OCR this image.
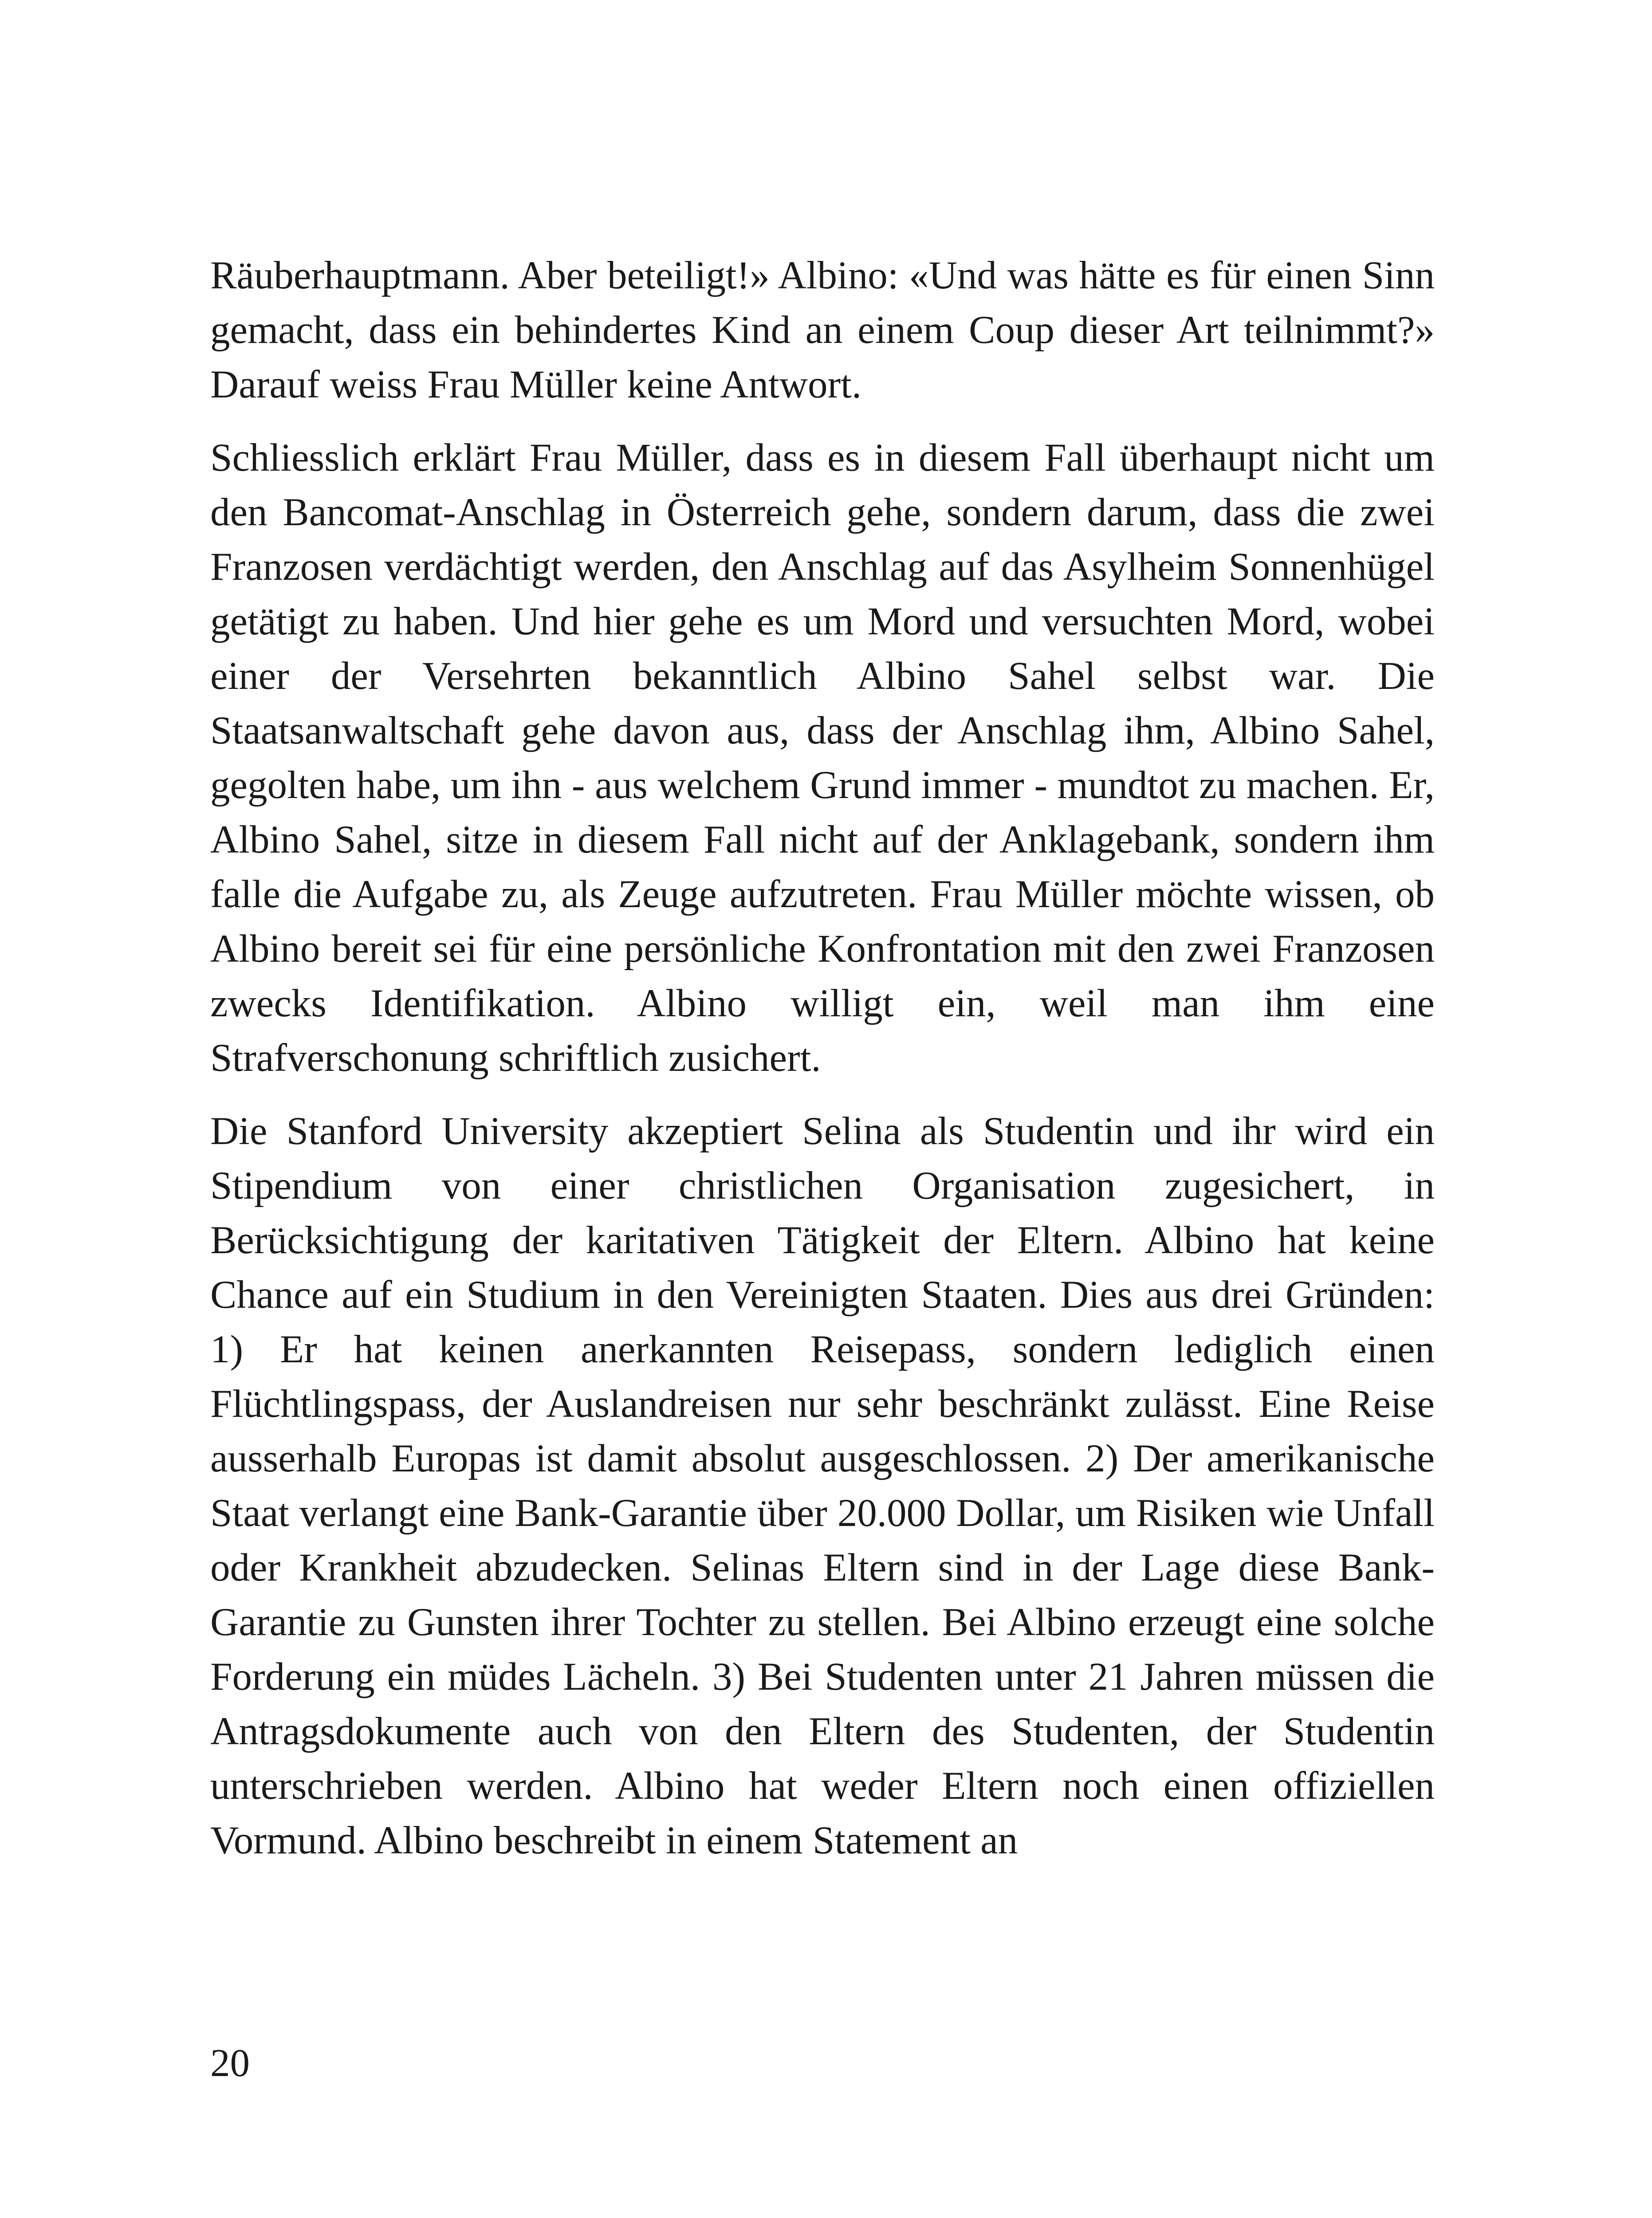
Räuberhauptmann. Aber beteiligt!» Albino: «Und was hätte es für einen Sinn gemacht, dass ein behindertes Kind an einem Coup dieser Art teilnimmt?» Darauf weiss Frau Müller keine Antwort.

Schliesslich erklärt Frau Müller, dass es in diesem Fall überhaupt nicht um den Bancomat-Anschlag in Österreich gehe, sondern darum, dass die zwei Franzosen verdächtigt werden, den Anschlag auf das Asylheim Sonnenhügel getätigt zu haben. Und hier gehe es um Mord und versuchten Mord, wobei einer der Versehrten bekanntlich Albino Sahel selbst war. Die Staatsanwaltschaft gehe davon aus, dass der Anschlag ihm, Albino Sahel, gegolten habe, um ihn - aus welchem Grund immer - mundtot zu machen. Er, Albino Sahel, sitze in diesem Fall nicht auf der Anklagebank, sondern ihm falle die Aufgabe zu, als Zeuge aufzutreten. Frau Müller möchte wissen, ob Albino bereit sei für eine persönliche Konfrontation mit den zwei Franzosen zwecks Identifikation. Albino willigt ein, weil man ihm eine Strafverschonung schriftlich zusichert.

Die Stanford University akzeptiert Selina als Studentin und ihr wird ein Stipendium von einer christlichen Organisation zugesichert, in Berücksichtigung der karitativen Tätigkeit der Eltern. Albino hat keine Chance auf ein Studium in den Vereinigten Staaten. Dies aus drei Gründen: 1) Er hat keinen anerkannten Reisepass, sondern lediglich einen Flüchtlingspass, der Auslandreisen nur sehr beschränkt zulässt. Eine Reise ausserhalb Europas ist damit absolut ausgeschlossen. 2) Der amerikanische Staat verlangt eine Bank-Garantie über 20.000 Dollar, um Risiken wie Unfall oder Krankheit abzudecken. Selinas Eltern sind in der Lage diese Bank-Garantie zu Gunsten ihrer Tochter zu stellen. Bei Albino erzeugt eine solche Forderung ein müdes Lächeln. 3) Bei Studenten unter 21 Jahren müssen die Antragsdokumente auch von den Eltern des Studenten, der Studentin unterschrieben werden. Albino hat weder Eltern noch einen offiziellen Vormund. Albino beschreibt in einem Statement an

20
